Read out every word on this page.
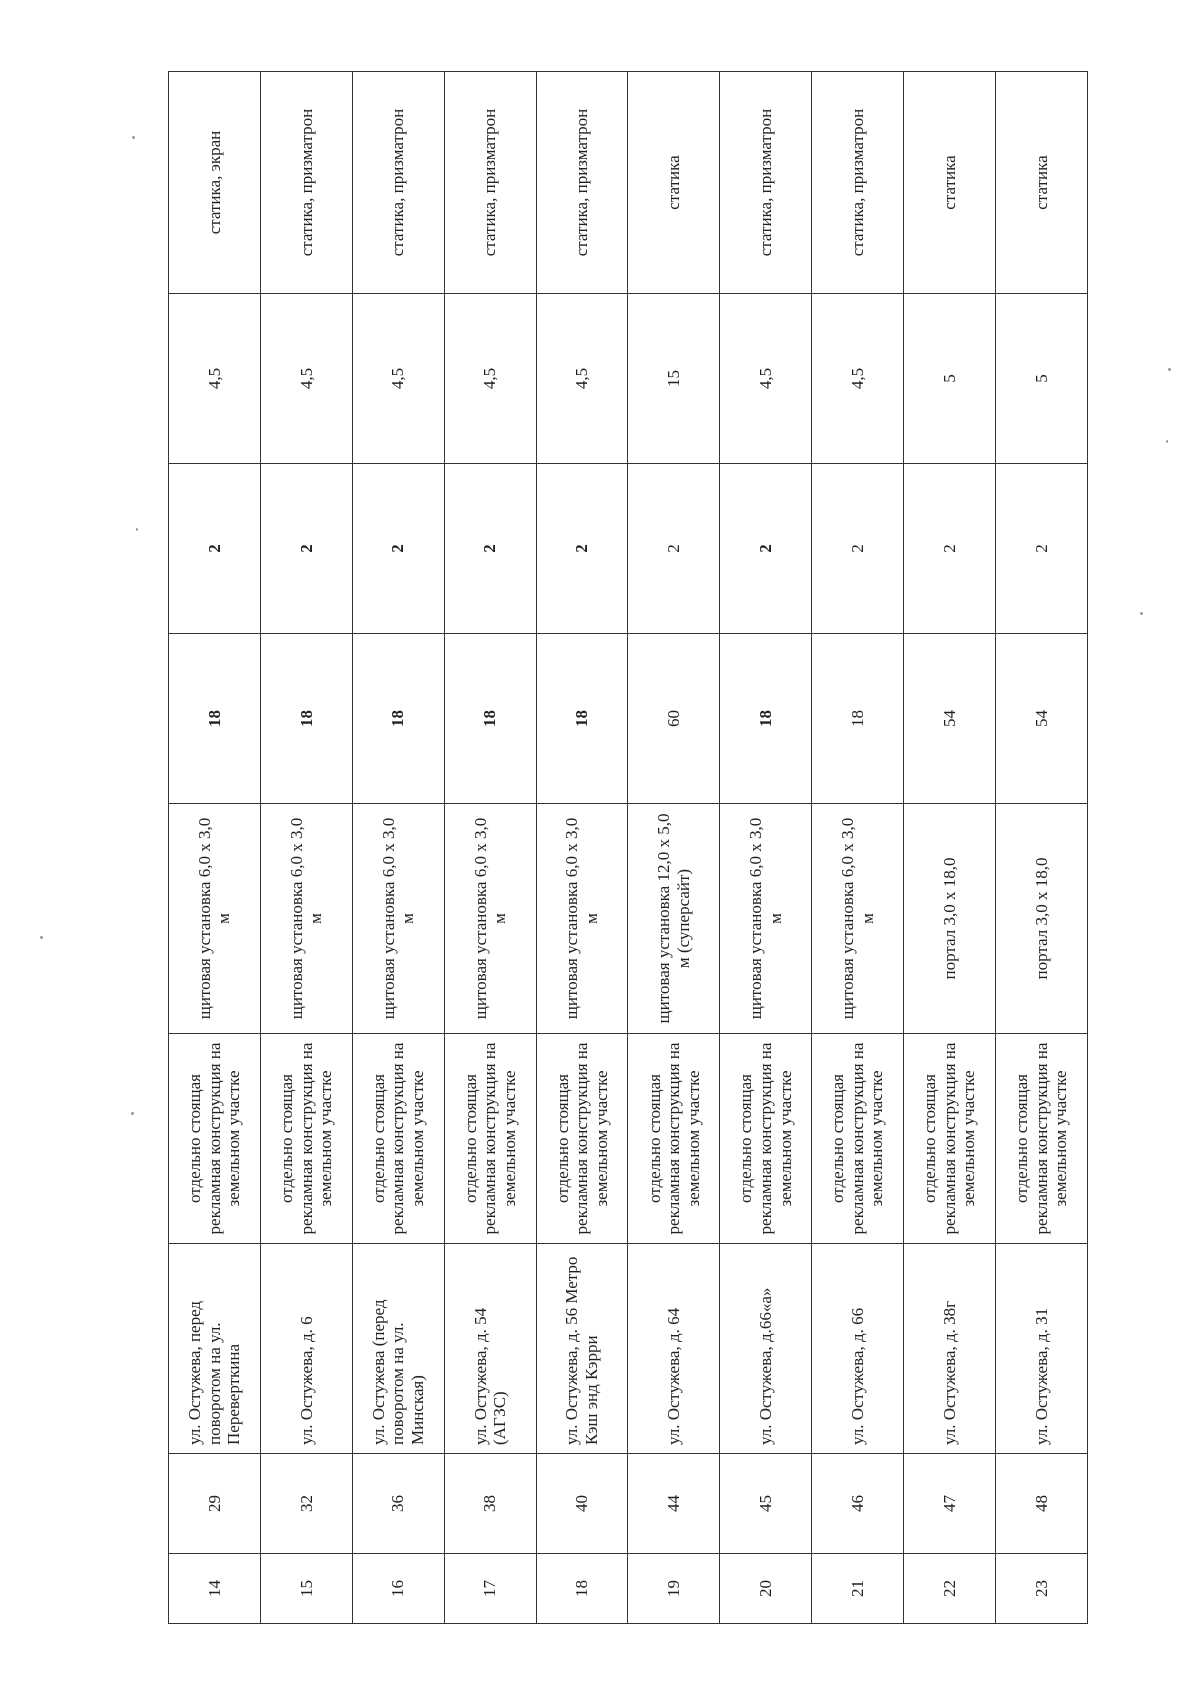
14	29	ул. Остужева, перед поворотом на ул. Переверткина	отдельно стоящая рекламная конструкция на земельном участке	щитовая установка 6,0 х 3,0 м	18	2	4,5	статика, экран
15	32	ул. Остужева, д. 6	отдельно стоящая рекламная конструкция на земельном участке	щитовая установка 6,0 х 3,0 м	18	2	4,5	статика, призматрон
16	36	ул. Остужева (перед поворотом на ул. Минская)	отдельно стоящая рекламная конструкция на земельном участке	щитовая установка 6,0 х 3,0 м	18	2	4,5	статика, призматрон
17	38	ул. Остужева, д. 54 (АГЗС)	отдельно стоящая рекламная конструкция на земельном участке	щитовая установка 6,0 х 3,0 м	18	2	4,5	статика, призматрон
18	40	ул. Остужева, д. 56 Метро Кэш энд Кэрри	отдельно стоящая рекламная конструкция на земельном участке	щитовая установка 6,0 х 3,0 м	18	2	4,5	статика, призматрон
19	44	ул. Остужева, д. 64	отдельно стоящая рекламная конструкция на земельном участке	щитовая установка 12,0 х 5,0 м (суперсайт)	60	2	15	статика
20	45	ул. Остужева, д.66«а»	отдельно стоящая рекламная конструкция на земельном участке	щитовая установка 6,0 х 3,0 м	18	2	4,5	статика, призматрон
21	46	ул. Остужева, д. 66	отдельно стоящая рекламная конструкция на земельном участке	щитовая установка 6,0 х 3,0 м	18	2	4,5	статика, призматрон
22	47	ул. Остужева, д. 38г	отдельно стоящая рекламная конструкция на земельном участке	портал 3,0 х 18,0	54	2	5	статика
23	48	ул. Остужева, д. 31	отдельно стоящая рекламная конструкция на земельном участке	портал 3,0 х 18,0	54	2	5	статика
